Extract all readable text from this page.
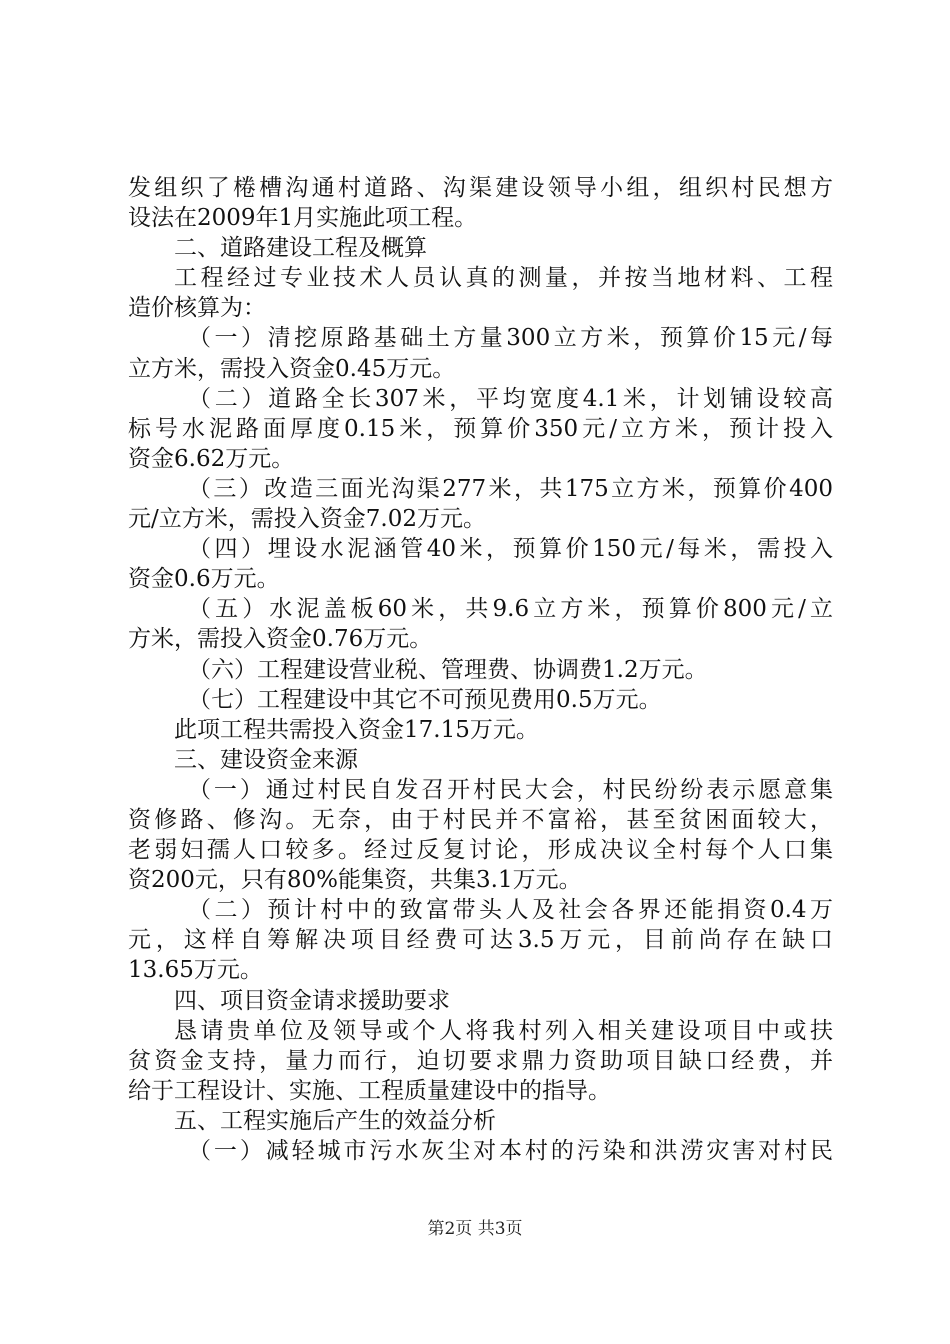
发组织了棬槽沟通村道路、沟渠建设领导小组，组织村民想方
设法在2009年1月实施此项工程。
二、道路建设工程及概算
工程经过专业技术人员认真的测量，并按当地材料、工程
造价核算为：
（一）清挖原路基础土方量300立方米，预算价15元/每
立方米，需投入资金0.45万元。
（二）道路全长307米，平均宽度4.1米，计划铺设较高
标号水泥路面厚度0.15米，预算价350元/立方米，预计投入
资金6.62万元。
（三）改造三面光沟渠277米，共175立方米，预算价400
元/立方米，需投入资金7.02万元。
（四）埋设水泥涵管40米，预算价150元/每米，需投入
资金0.6万元。
（五）水泥盖板60米，共9.6立方米，预算价800元/立
方米，需投入资金0.76万元。
（六）工程建设营业税、管理费、协调费1.2万元。
（七）工程建设中其它不可预见费用0.5万元。
此项工程共需投入资金17.15万元。
三、建设资金来源
（一）通过村民自发召开村民大会，村民纷纷表示愿意集
资修路、修沟。无奈，由于村民并不富裕，甚至贫困面较大，
老弱妇孺人口较多。经过反复讨论，形成决议全村每个人口集
资200元，只有80%能集资，共集3.1万元。
（二）预计村中的致富带头人及社会各界还能捐资0.4万
元，这样自筹解决项目经费可达3.5万元，目前尚存在缺口
13.65万元。
四、项目资金请求援助要求
恳请贵单位及领导或个人将我村列入相关建设项目中或扶
贫资金支持，量力而行，迫切要求鼎力资助项目缺口经费，并
给于工程设计、实施、工程质量建设中的指导。
五、工程实施后产生的效益分析
（一）减轻城市污水灰尘对本村的污染和洪涝灾害对村民
第2页 共3页
